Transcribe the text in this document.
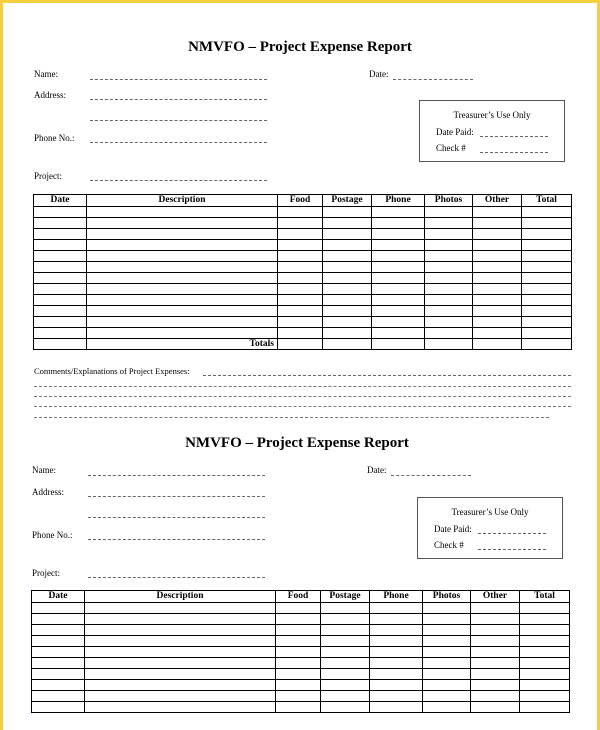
NMVFO – Project Expense Report
Name:	Date:
Address:
Phone No.:
Project:
Treasurer’s Use Only
Date Paid:
Check #
Date	Description	Food	Postage	Phone	Photos	Other	Total

	Totals						
Comments/Explanations of Project Expenses:
NMVFO – Project Expense Report
Name:	Date:
Address:
Phone No.:
Project:
Treasurer’s Use Only
Date Paid:
Check #
Date	Description	Food	Postage	Phone	Photos	Other	Total
